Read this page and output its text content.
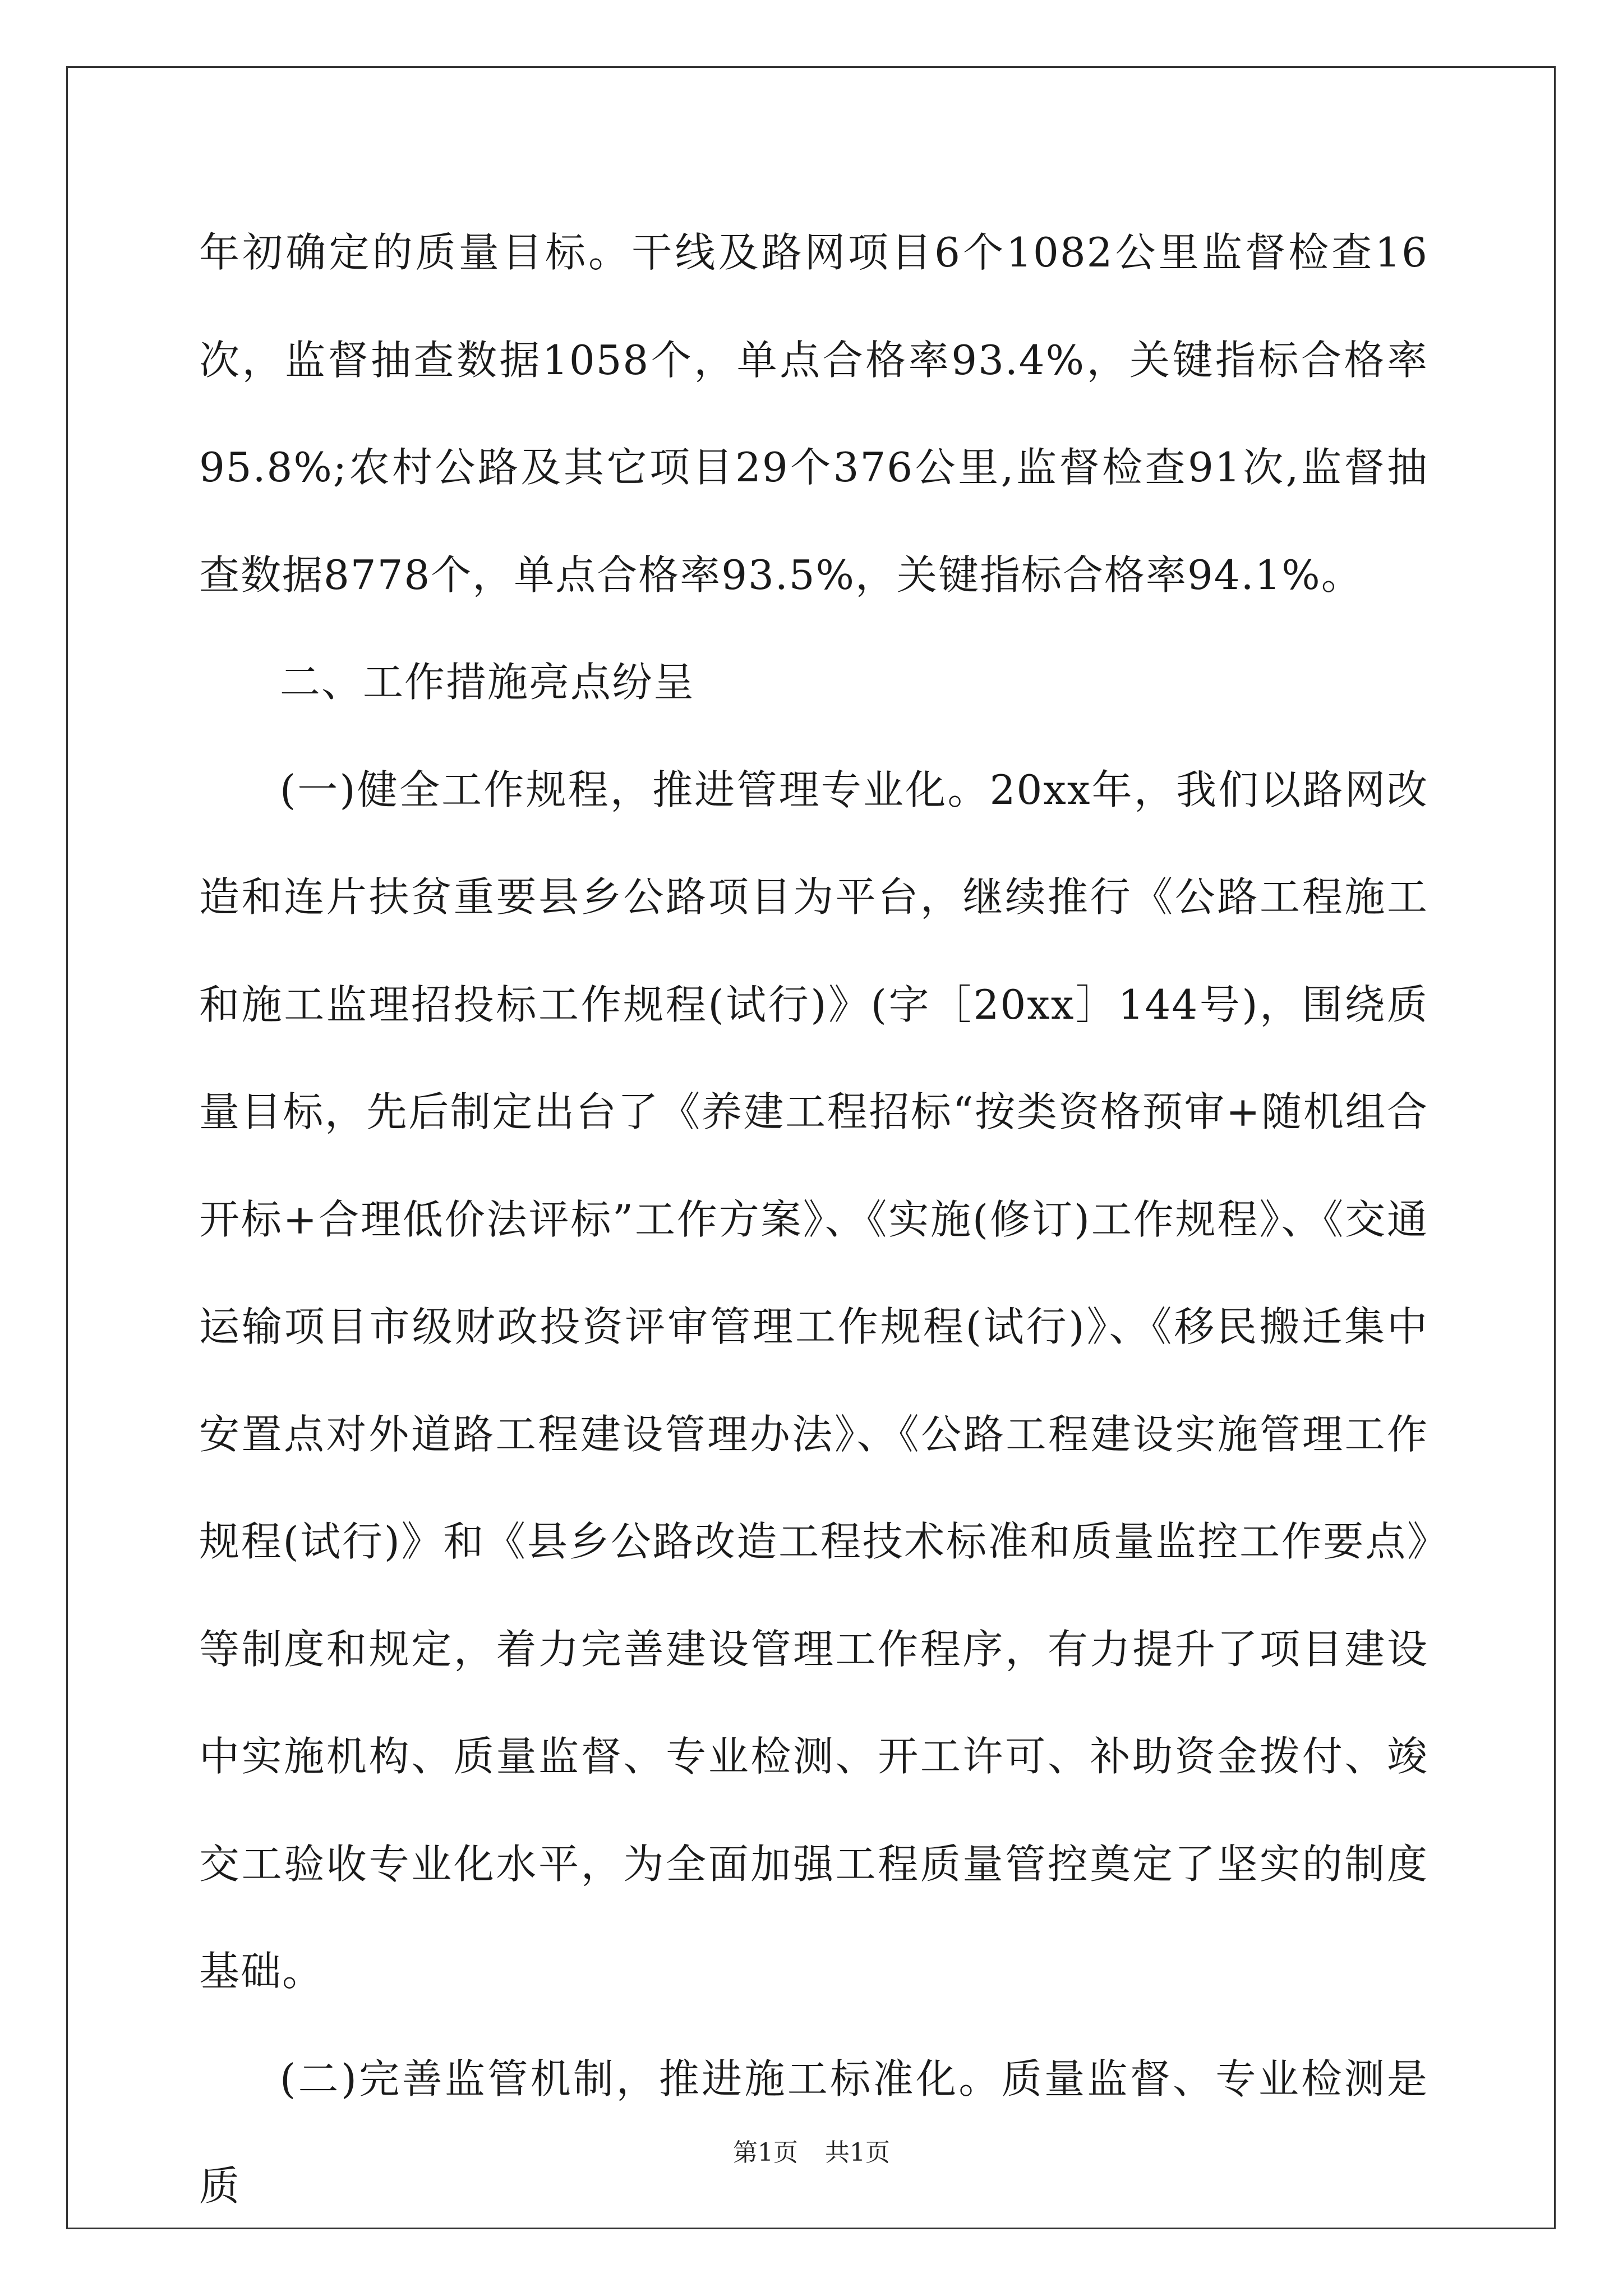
年初确定的质量目标。干线及路网项目6个1082公里监督检查16次，监督抽查数据1058个，单点合格率93.4%，关键指标合格率95.8%;农村公路及其它项目29个376公里,监督检查91次,监督抽查数据8778个，单点合格率93.5%，关键指标合格率94.1%。

二、工作措施亮点纷呈

(一)健全工作规程，推进管理专业化。20xx年，我们以路网改造和连片扶贫重要县乡公路项目为平台，继续推行《公路工程施工和施工监理招投标工作规程(试行)》(字［20xx］144号)，围绕质量目标，先后制定出台了《养建工程招标“按类资格预审+随机组合开标+合理低价法评标”工作方案》、《实施(修订)工作规程》、《交通运输项目市级财政投资评审管理工作规程(试行)》、《移民搬迁集中安置点对外道路工程建设管理办法》、《公路工程建设实施管理工作规程(试行)》和《县乡公路改造工程技术标准和质量监控工作要点》等制度和规定，着力完善建设管理工作程序，有力提升了项目建设中实施机构、质量监督、专业检测、开工许可、补助资金拨付、竣交工验收专业化水平，为全面加强工程质量管控奠定了坚实的制度基础。

(二)完善监管机制，推进施工标准化。质量监督、专业检测是质

第1页 共1页
